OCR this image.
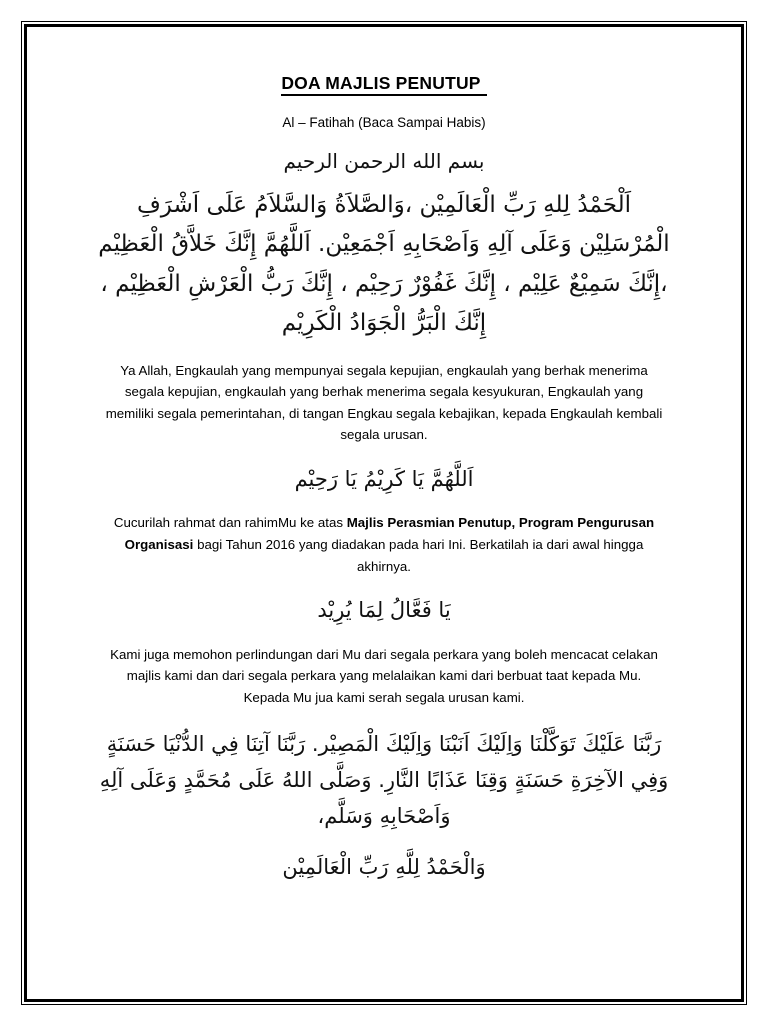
DOA MAJLIS PENUTUP

Al – Fatihah (Baca Sampai Habis)

بسم الله الرحمن الرحيم

اَلْحَمْدُ لِلهِ رَبِّ الْعَالَمِيْن ،وَالصَّلاَةُ وَالسَّلاَمُ عَلَى اَشْرَفِ الْمُرْسَلِيْن وَعَلَى آلِهِ وَاَصْحَابِهِ اَجْمَعِيْن. اَللَّهُمَّ إِنَّكَ خَلاَّقُ الْعَظِيْم ،إِنَّكَ سَمِيْعٌ عَلِيْم ، إِنَّكَ غَفُوْرٌ رَحِيْم ، إِنَّكَ رَبُّ الْعَرْشِ الْعَظِيْم ، إِنَّكَ الْبَرُّ الْجَوَادُ الْكَرِيْم

Ya Allah, Engkaulah yang mempunyai segala kepujian, engkaulah yang berhak menerima segala kepujian, engkaulah yang berhak menerima segala kesyukuran, Engkaulah yang memiliki segala pemerintahan, di tangan Engkau segala kebajikan, kepada Engkaulah kembali segala urusan.

اَللَّهُمَّ يَا كَرِيْمُ يَا رَحِيْم

Cucurilah rahmat dan rahimMu ke atas Majlis Perasmian Penutup, Program Pengurusan Organisasi bagi Tahun 2016 yang diadakan pada hari Ini. Berkatilah ia dari awal hingga akhirnya.

يَا فَعَّالُ لِمَا يُرِيْد

Kami juga memohon perlindungan dari Mu dari segala perkara yang boleh mencacat celakan majlis kami dan dari segala perkara yang melalaikan kami dari berbuat taat kepada Mu. Kepada Mu jua kami serah segala urusan kami.

رَبَّنَا عَلَيْكَ تَوَكَّلْنَا وَاِلَيْكَ اَنَبْنَا وَاِلَيْكَ الْمَصِيْر. رَبَّنَا آتِنَا فِي الدُّنْيَا حَسَنَةٍ وَفِي الآخِرَةِ حَسَنَةٍ وَقِنَا عَذَابًا النَّارِ. وَصَلَّى اللهُ عَلَى مُحَمَّدٍ وَعَلَى آلِهِ وَاَصْحَابِهِ وَسَلَّم،

وَالْحَمْدُ لِلَّهِ رَبِّ الْعَالَمِيْن
